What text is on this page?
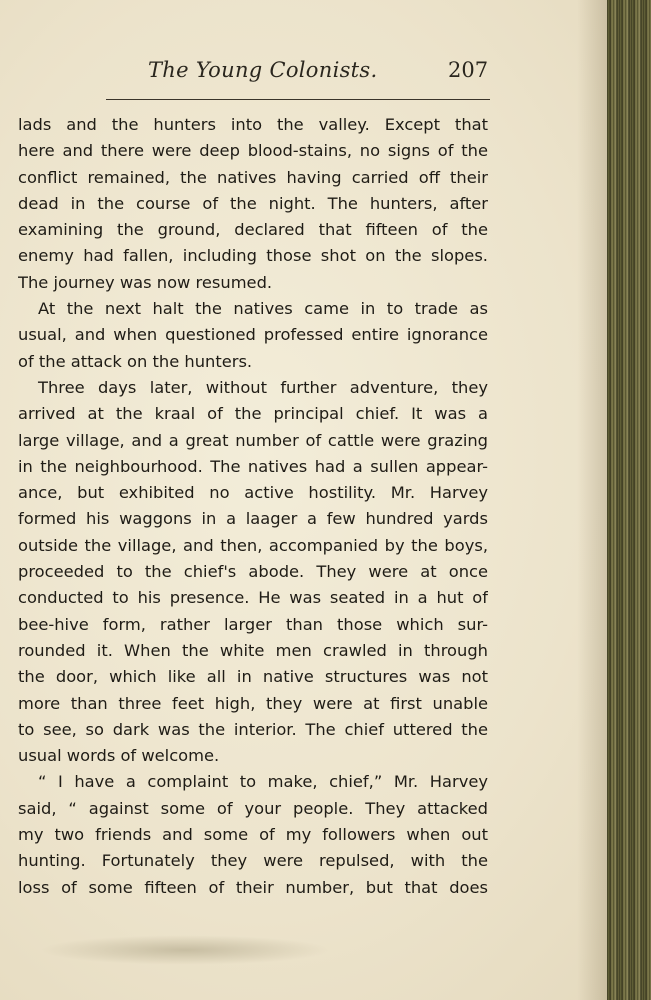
The Young Colonists.	207
lads and the hunters into the valley. Except that
here and there were deep blood-stains, no signs of the
conflict remained, the natives having carried off their
dead in the course of the night. The hunters, after
examining the ground, declared that fifteen of the
enemy had fallen, including those shot on the slopes.
The journey was now resumed.
At the next halt the natives came in to trade as
usual, and when questioned professed entire ignorance
of the attack on the hunters.
Three days later, without further adventure, they
arrived at the kraal of the principal chief. It was a
large village, and a great number of cattle were grazing
in the neighbourhood. The natives had a sullen appear-
ance, but exhibited no active hostility. Mr. Harvey
formed his waggons in a laager a few hundred yards
outside the village, and then, accompanied by the boys,
proceeded to the chief's abode. They were at once
conducted to his presence. He was seated in a hut of
bee-hive form, rather larger than those which sur-
rounded it. When the white men crawled in through
the door, which like all in native structures was not
more than three feet high, they were at first unable
to see, so dark was the interior. The chief uttered the
usual words of welcome.
“ I have a complaint to make, chief,” Mr. Harvey
said, “ against some of your people. They attacked
my two friends and some of my followers when out
hunting. Fortunately they were repulsed, with the
loss of some fifteen of their number, but that does
